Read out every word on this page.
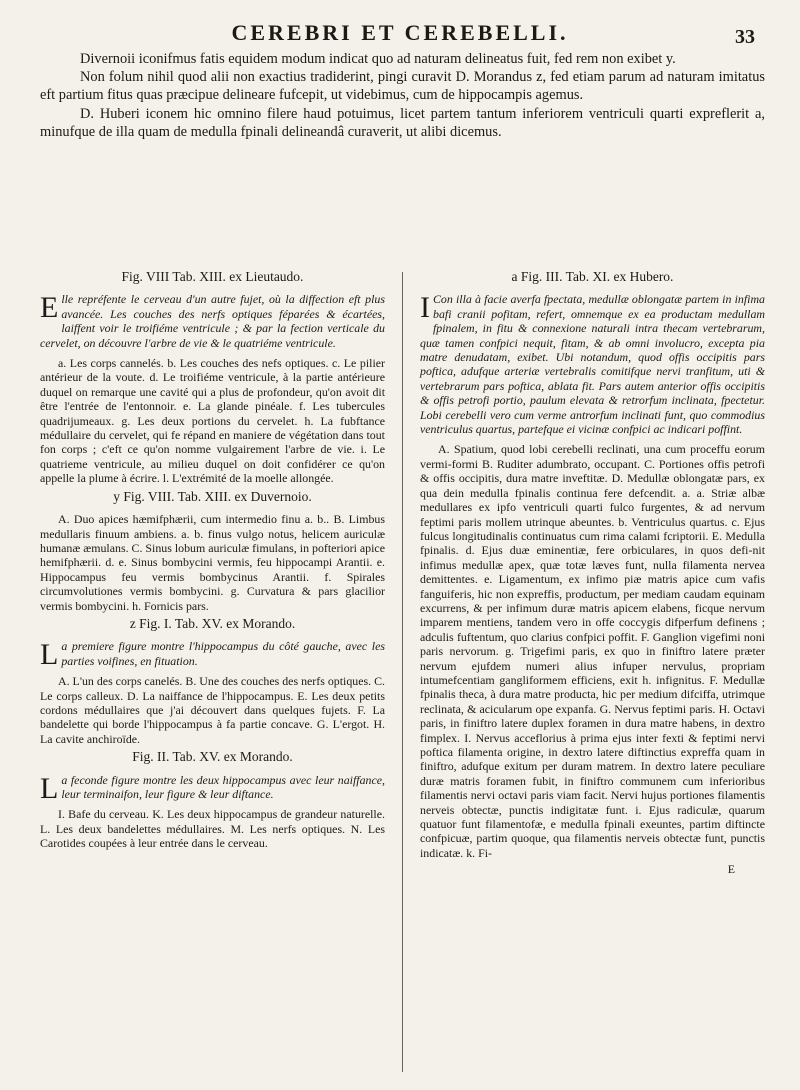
CEREBRI ET CEREBELLI.	33

Divernoii iconifmus fatis equidem modum indicat quo ad naturam delineatus fuit, fed rem non exibet y.

Non folum nihil quod alii non exactius tradiderint, pingi curavit D. Morandus z, fed etiam parum ad naturam imitatus eft partium fitus quas præcipue delineare fufcepit, ut videbimus, cum de hippocampis agemus.

D. Huberi iconem hic omnino filere haud potuimus, licet partem tantum inferiorem ventriculi quarti expreflerit a, minufque de illa quam de medulla fpinali delineandâ curaverit, ut alibi dicemus.

Fig. VIII Tab. XIII. ex Lieutaudo.

Elle repréfente le cerveau d'un autre fujet, où la diffection eft plus avancée. Les couches des nerfs optiques féparées & écartées, laiffent voir le troifiéme ventricule ; & par la fection verticale du cervelet, on découvre l'arbre de vie & le quatriéme ventricule.

a. Les corps cannelés. b. Les couches des nefs optiques. c. Le pilier antérieur de la voute. d. Le troifiéme ventricule, à la partie antérieure duquel on remarque une cavité qui a plus de profondeur, qu'on avoit dit être l'entrée de l'entonnoir. e. La glande pinéale. f. Les tubercules quadrijumeaux. g. Les deux portions du cervelet. h. La fubftance médullaire du cervelet, qui fe répand en maniere de végétation dans tout fon corps ; c'eft ce qu'on nomme vulgairement l'arbre de vie. i. Le quatrieme ventricule, au milieu duquel on doit confidérer ce qu'on appelle la plume à écrire. l. L'extrémité de la moelle allongée.

y Fig. VIII. Tab. XIII. ex Duvernoio.

A. Duo apices hæmifphærii, cum intermedio finu a. b.. B. Limbus medullaris finuum ambiens. a. b. finus vulgo notus, helicem auriculæ humanæ æmulans. C. Sinus lobum auriculæ fimulans, in pofteriori apice hemifphærii. d. e. Sinus bombycini vermis, feu hippocampi Arantii. e. Hippocampus feu vermis bombycinus Arantii. f. Spirales circumvolutiones vermis bombycini. g. Curvatura & pars glacilior vermis bombycini. h. Fornicis pars.

z Fig. I. Tab. XV. ex Morando.

La premiere figure montre l'hippocampus du côté gauche, avec les parties voifines, en fituation.

A. L'un des corps canelés. B. Une des couches des nerfs optiques. C. Le corps calleux. D. La naiffance de l'hippocampus. E. Les deux petits cordons médullaires que j'ai découvert dans quelques fujets. F. La bandelette qui borde l'hippocampus à fa partie concave. G. L'ergot. H. La cavite anchiroïde.

Fig. II. Tab. XV. ex Morando.

La feconde figure montre les deux hippocampus avec leur naiffance, leur terminaifon, leur figure & leur diftance.

I. Bafe du cerveau. K. Les deux hippocampus de grandeur naturelle. L. Les deux bandelettes médullaires. M. Les nerfs optiques. N. Les Carotides coupées à leur entrée dans le cerveau.

a Fig. III. Tab. XI. ex Hubero.

I Con illa à facie averfa fpectata, medullæ oblongatæ partem in infima bafi cranii pofitam, refert, omnemque ex ea productam medullam fpinalem, in fitu & connexione naturali intra thecam vertebrarum, quæ tamen confpici nequit, fitam, & ab omni involucro, excepta pia matre denudatam, exibet. Ubi notandum, quod offis occipitis pars poftica, adufque arteriæ vertebralis comitifque nervi tranfitum, uti & vertebrarum pars poftica, ablata fit. Pars autem anterior offis occipitis & offis petrofi portio, paulum elevata & retrorfum inclinata, fpectetur. Lobi cerebelli vero cum verme antrorfum inclinati funt, quo commodius ventriculus quartus, partefque ei vicinæ confpici ac indicari poffint.

A. Spatium, quod lobi cerebelli reclinati, una cum proceffu eorum vermi-formi B. Ruditer adumbrato, occupant. C. Portiones offis petrofi & offis occipitis, dura matre inveftitæ. D. Medullæ oblongatæ pars, ex qua dein medulla fpinalis continua fere defcendit. a. a. Striæ albæ medullares ex ipfo ventriculi quarti fulco furgentes, & ad nervum feptimi paris mollem utrinque abeuntes. b. Ventriculus quartus. c. Ejus fulcus longitudinalis continuatus cum rima calami fcriptorii. E. Medulla fpinalis. d. Ejus duæ eminentiæ, fere orbiculares, in quos defi-nit infimus medullæ apex, quæ totæ læves funt, nulla filamenta nervea demittentes. e. Ligamentum, ex infimo piæ matris apice cum vafis fanguiferis, hic non expreffis, productum, per mediam caudam equinam excurrens, & per infimum duræ matris apicem elabens, ficque nervum imparem mentiens, tandem vero in offe coccygis difperfum definens ; adculis fuftentum, quo clarius confpici poffit. F. Ganglion vigefimi noni paris nervorum. g. Trigefimi paris, ex quo in finiftro latere præter nervum ejufdem numeri alius infuper nervulus, propriam intumefcentiam gangliformem efficiens, exit h. infignitus. F. Medullæ fpinalis theca, à dura matre producta, hic per medium difciffa, utrimque reclinata, & acicularum ope expanfa. G. Nervus feptimi paris. H. Octavi paris, in finiftro latere duplex foramen in dura matre habens, in dextro fimplex. I. Nervus acceflorius à prima ejus inter fexti & feptimi nervi poftica filamenta origine, in dextro latere diftinctius expreffa quam in finiftro, adufque exitum per duram matrem. In dextro latere peculiare duræ matris foramen fubit, in finiftro communem cum inferioribus filamentis nervi octavi paris viam facit. Nervi hujus portiones filamentis nerveis obtectæ, punctis indigitatæ funt. i. Ejus radiculæ, quarum quatuor funt filamentofæ, e medulla fpinali exeuntes, partim diftincte confpicuæ, partim quoque, qua filamentis nerveis obtectæ funt, punctis indicatæ. k. Fi-

E
